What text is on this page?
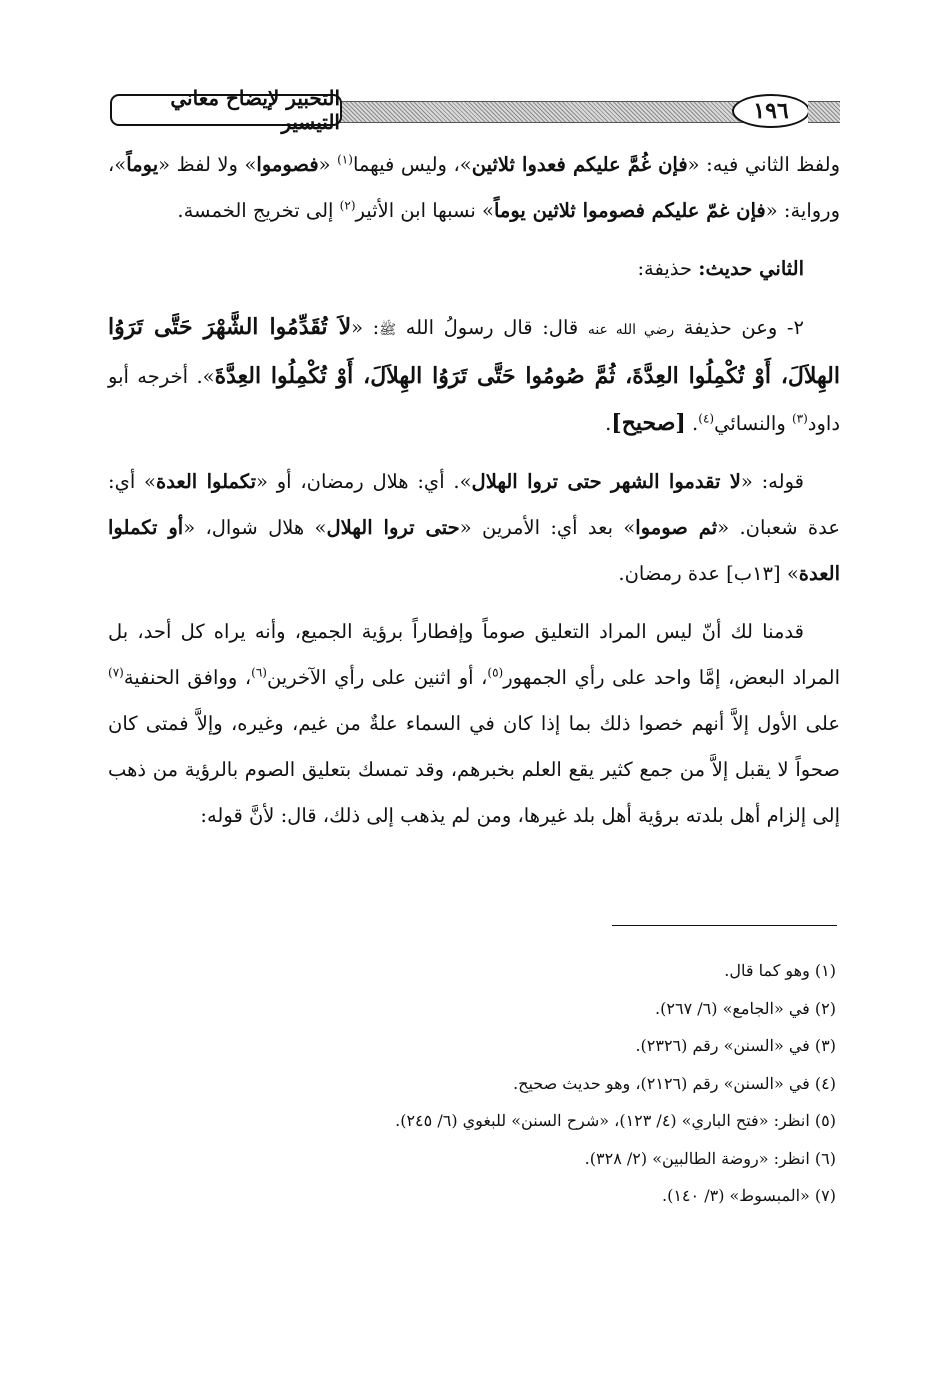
التحبير لإيضاح معاني التيسير	١٩٦

ولفظ الثاني فيه: «فإن غُمَّ عليكم فعدوا ثلاثين»، وليس فيهما$^{(١)}$ «فصوموا» ولا لفظ «يوماً»، ورواية: «فإن غمّ عليكم فصوموا ثلاثين يوماً» نسبها ابن الأثير$^{(٢)}$ إلى تخريج الخمسة.

الثاني حديث: حذيفة:

٢- وعن حذيفة رضي الله عنه قال: قال رسولُ الله ﷺ: «لاَ تُقَدِّمُوا الشَّهْرَ حَتَّى تَرَوُا الهِلاَلَ، أَوْ تُكْمِلُوا العِدَّةَ، ثُمَّ صُومُوا حَتَّى تَرَوُا الهِلاَلَ، أَوْ تُكْمِلُوا العِدَّةَ». أخرجه أبو داود$^{(٣)}$ والنسائي$^{(٤)}$. [صحيح].

قوله: «لا تقدموا الشهر حتى تروا الهلال». أي: هلال رمضان، أو «تكملوا العدة» أي: عدة شعبان. «ثم صوموا» بعد أي: الأمرين «حتى تروا الهلال» هلال شوال، «أو تكملوا العدة» [١٣ب] عدة رمضان.

قدمنا لك أنّ ليس المراد التعليق صوماً وإفطاراً برؤية الجميع، وأنه يراه كل أحد، بل المراد البعض، إمَّا واحد على رأي الجمهور$^{(٥)}$، أو اثنين على رأي الآخرين$^{(٦)}$، ووافق الحنفية$^{(٧)}$ على الأول إلاَّ أنهم خصوا ذلك بما إذا كان في السماء علةٌ من غيم، وغيره، وإلاَّ فمتى كان صحواً لا يقبل إلاَّ من جمع كثير يقع العلم بخبرهم، وقد تمسك بتعليق الصوم بالرؤية من ذهب إلى إلزام أهل بلدته برؤية أهل بلد غيرها، ومن لم يذهب إلى ذلك، قال: لأنَّ قوله:

(١) وهو كما قال.

(٢) في «الجامع» (٦/ ٢٦٧).

(٣) في «السنن» رقم (٢٣٢٦).

(٤) في «السنن» رقم (٢١٢٦)، وهو حديث صحيح.

(٥) انظر: «فتح الباري» (٤/ ١٢٣)، «شرح السنن» للبغوي (٦/ ٢٤٥).

(٦) انظر: «روضة الطالبين» (٢/ ٣٢٨).

(٧) «المبسوط» (٣/ ١٤٠).
